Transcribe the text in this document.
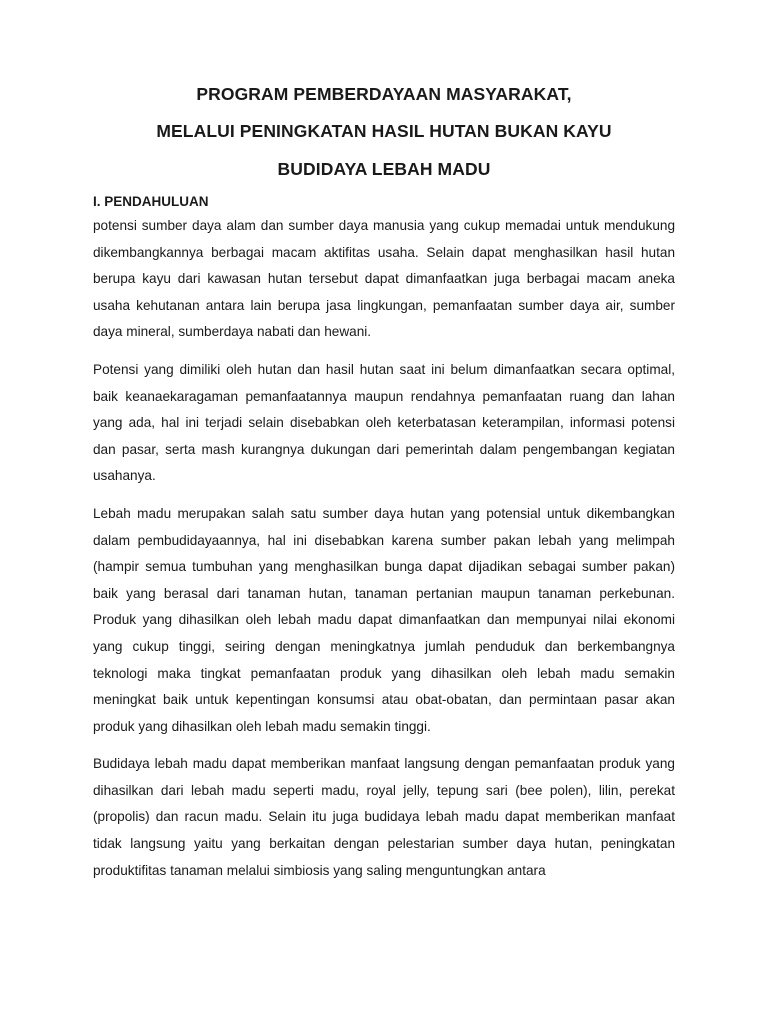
PROGRAM PEMBERDAYAAN MASYARAKAT,
MELALUI PENINGKATAN HASIL HUTAN BUKAN KAYU
BUDIDAYA LEBAH MADU
I. PENDAHULUAN

potensi sumber daya alam dan sumber daya manusia yang cukup memadai untuk mendukung dikembangkannya berbagai macam aktifitas usaha. Selain dapat menghasilkan hasil hutan berupa kayu dari kawasan hutan tersebut dapat dimanfaatkan juga berbagai macam aneka usaha kehutanan antara lain berupa jasa lingkungan, pemanfaatan sumber daya air, sumber daya mineral, sumberdaya nabati dan hewani.

Potensi yang dimiliki oleh hutan dan hasil hutan saat ini belum dimanfaatkan secara optimal, baik keanaekaragaman pemanfaatannya maupun rendahnya pemanfaatan ruang dan lahan yang ada, hal ini terjadi selain disebabkan oleh keterbatasan keterampilan, informasi potensi dan pasar, serta mash kurangnya dukungan dari pemerintah dalam pengembangan kegiatan usahanya.

Lebah madu merupakan salah satu sumber daya hutan yang potensial untuk dikembangkan dalam pembudidayaannya, hal ini disebabkan karena sumber pakan lebah yang melimpah (hampir semua tumbuhan yang menghasilkan bunga dapat dijadikan sebagai sumber pakan) baik yang berasal dari tanaman hutan, tanaman pertanian maupun tanaman perkebunan. Produk yang dihasilkan oleh lebah madu dapat dimanfaatkan dan mempunyai nilai ekonomi yang cukup tinggi, seiring dengan meningkatnya jumlah penduduk dan berkembangnya teknologi maka tingkat pemanfaatan produk yang dihasilkan oleh lebah madu semakin meningkat baik untuk kepentingan konsumsi atau obat-obatan, dan permintaan pasar akan produk yang dihasilkan oleh lebah madu semakin tinggi.

Budidaya lebah madu dapat memberikan manfaat langsung dengan pemanfaatan produk yang dihasilkan dari lebah madu seperti madu, royal jelly, tepung sari (bee polen), lilin, perekat (propolis) dan racun madu. Selain itu juga budidaya lebah madu dapat memberikan manfaat tidak langsung yaitu yang berkaitan dengan pelestarian sumber daya hutan, peningkatan produktifitas tanaman melalui simbiosis yang saling menguntungkan antara
